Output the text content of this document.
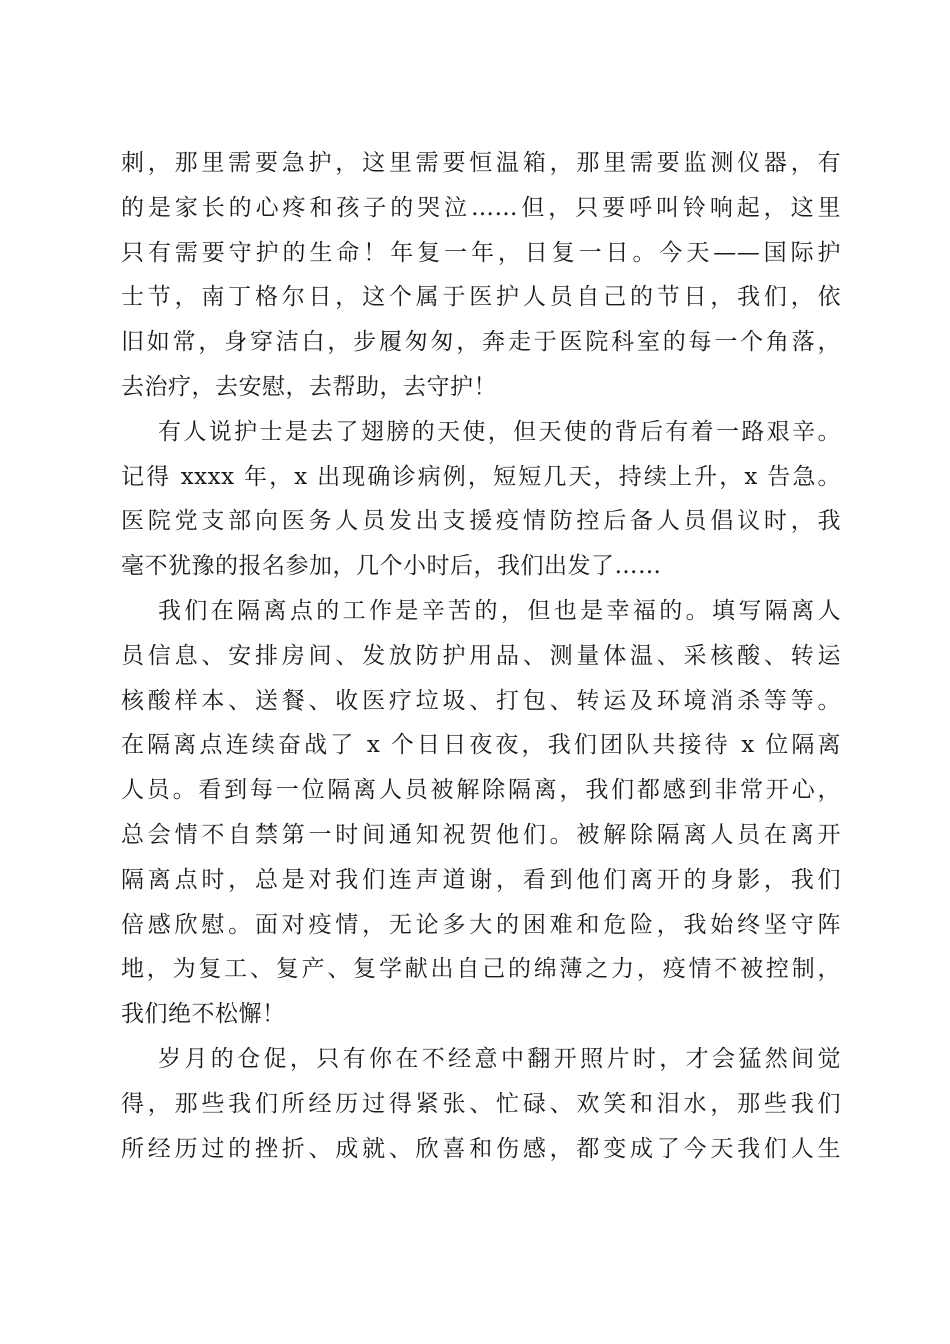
刺，那里需要急护，这里需要恒温箱，那里需要监测仪器，有
的是家长的心疼和孩子的哭泣……但，只要呼叫铃响起，这里
只有需要守护的生命！年复一年，日复一日。今天——国际护
士节，南丁格尔日，这个属于医护人员自己的节日，我们，依
旧如常，身穿洁白，步履匆匆，奔走于医院科室的每一个角落，
去治疗，去安慰，去帮助，去守护！
有人说护士是去了翅膀的天使，但天使的背后有着一路艰辛。
记得 xxxx 年，x 出现确诊病例，短短几天，持续上升，x 告急。
医院党支部向医务人员发出支援疫情防控后备人员倡议时，我
毫不犹豫的报名参加，几个小时后，我们出发了……
我们在隔离点的工作是辛苦的，但也是幸福的。填写隔离人
员信息、安排房间、发放防护用品、测量体温、采核酸、转运
核酸样本、送餐、收医疗垃圾、打包、转运及环境消杀等等。
在隔离点连续奋战了 x 个日日夜夜，我们团队共接待 x 位隔离
人员。看到每一位隔离人员被解除隔离，我们都感到非常开心，
总会情不自禁第一时间通知祝贺他们。被解除隔离人员在离开
隔离点时，总是对我们连声道谢，看到他们离开的身影，我们
倍感欣慰。面对疫情，无论多大的困难和危险，我始终坚守阵
地，为复工、复产、复学献出自己的绵薄之力，疫情不被控制，
我们绝不松懈！
岁月的仓促，只有你在不经意中翻开照片时，才会猛然间觉
得，那些我们所经历过得紧张、忙碌、欢笑和泪水，那些我们
所经历过的挫折、成就、欣喜和伤感，都变成了今天我们人生
